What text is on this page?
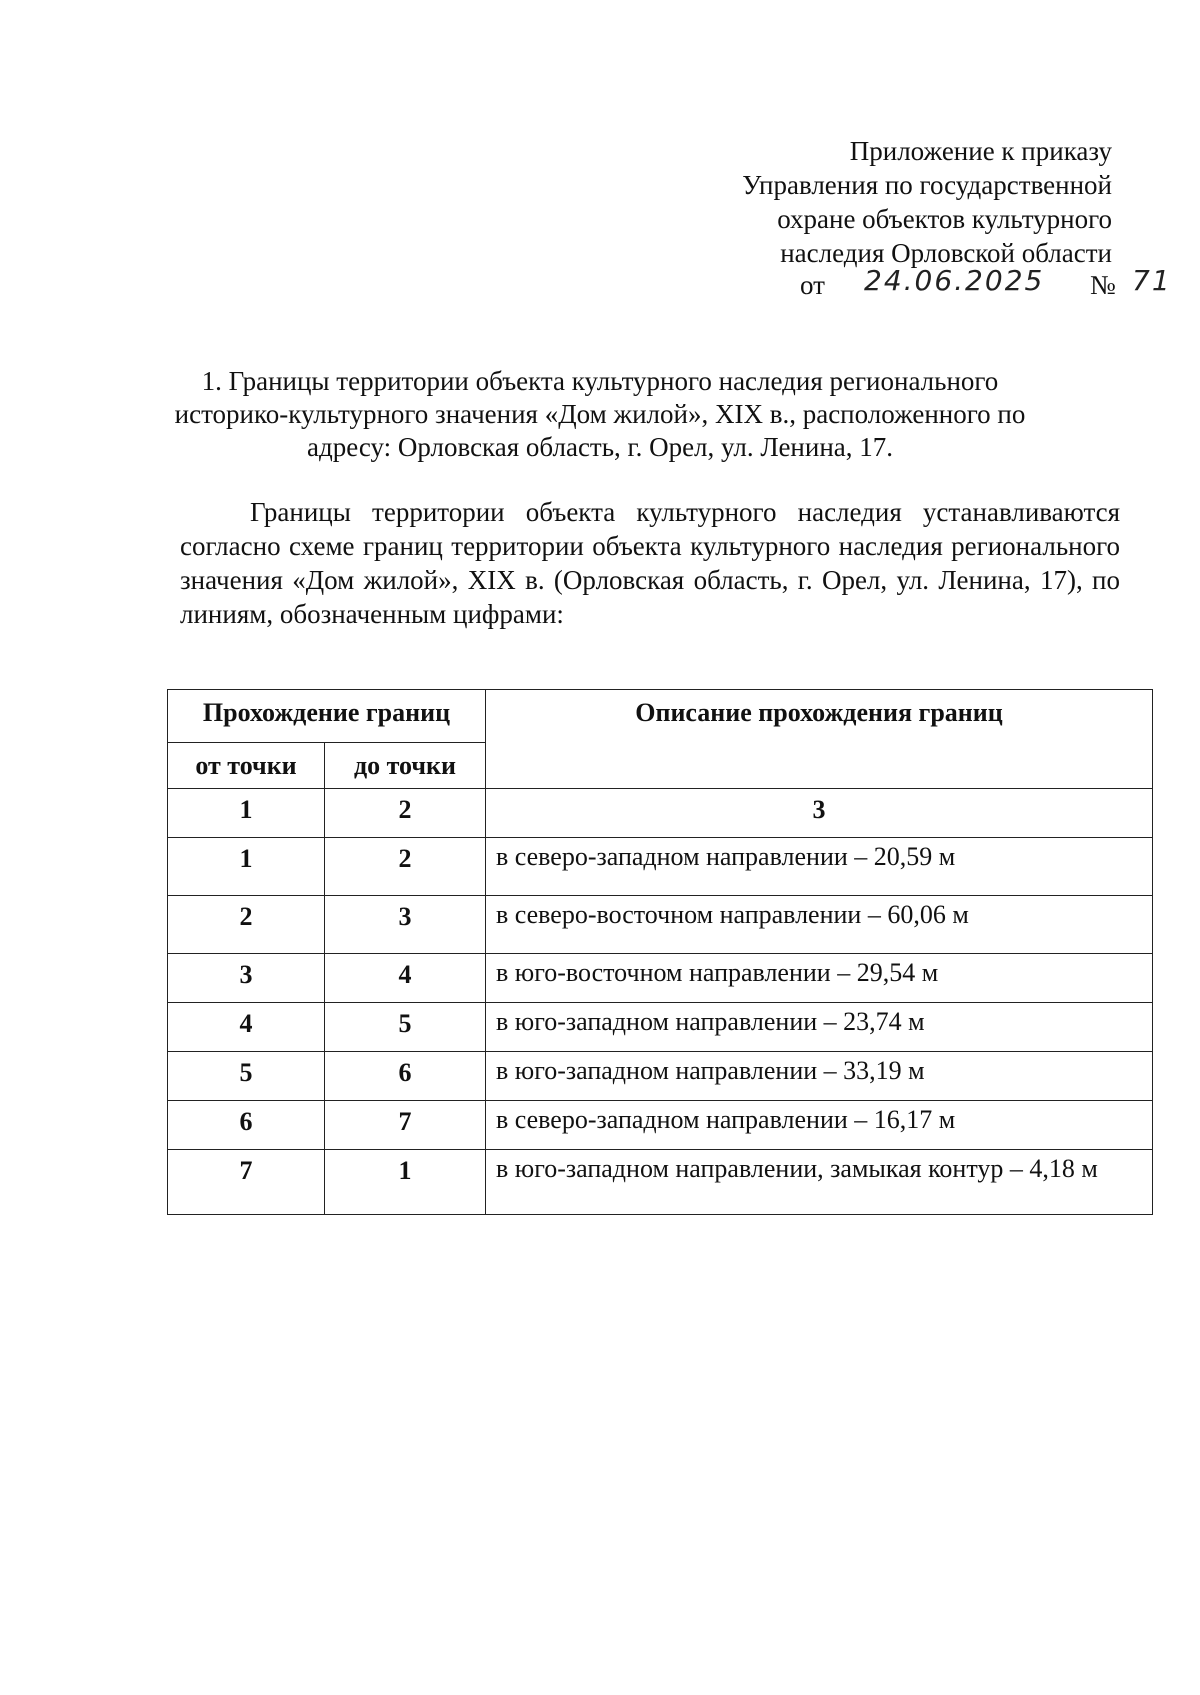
Приложение к приказу
Управления по государственной
охране объектов культурного
наследия Орловской области
от 24.06.2025 № 71
1. Границы территории объекта культурного наследия регионального
историко-культурного значения «Дом жилой», XIX в., расположенного по
адресу: Орловская область, г. Орел, ул. Ленина, 17.
Границы территории объекта культурного наследия устанавливаются согласно схеме границ территории объекта культурного наследия регионального значения «Дом жилой», XIX в. (Орловская область, г. Орел, ул. Ленина, 17), по линиям, обозначенным цифрами:
Прохождение границ		Описание прохождения границ

от точки	до точки	

1	2	3

1	2	в северо-западном направлении – 20,59 м

2	3	в северо-восточном направлении – 60,06 м

3	4	в юго-восточном направлении – 29,54 м

4	5	в юго-западном направлении – 23,74 м

5	6	в юго-западном направлении – 33,19 м

6	7	в северо-западном направлении – 16,17 м

7	1	в юго-западном направлении, замыкая контур – 4,18 м
